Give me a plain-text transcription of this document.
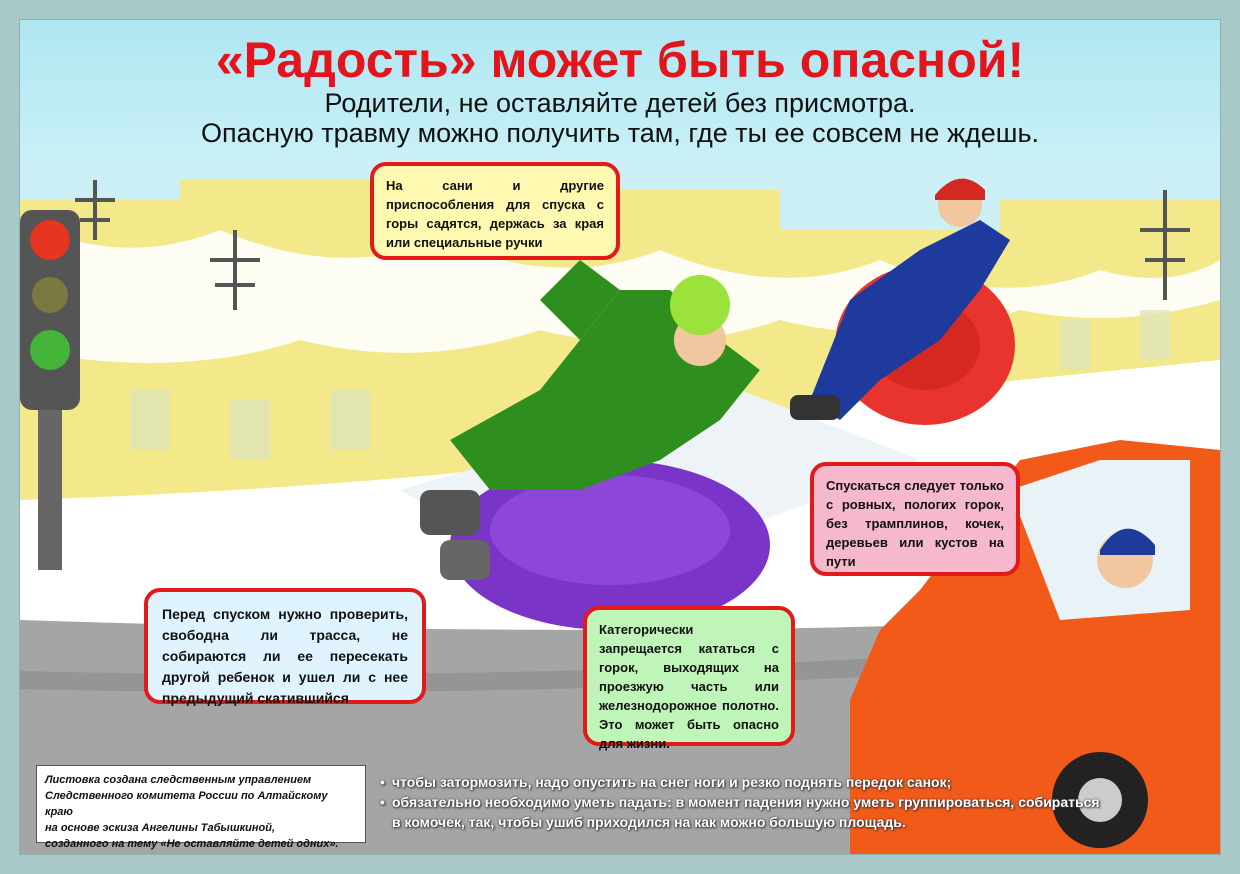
«Радость» может быть опасной!
Родители, не оставляйте детей без присмотра.
Опасную травму можно получить там, где ты ее совсем не ждешь.
На сани и другие приспособления для спуска с горы садятся, держась за края или специальные ручки
Спускаться следует только с ровных, пологих горок, без трамплинов, кочек, деревьев или кустов на пути
Перед спуском нужно проверить, свободна ли трасса, не собираются ли ее пересекать другой ребенок и ушел ли с нее предыдущий скатившийся
Категорически запрещается кататься с горок, выходящих на проезжую часть или железнодорожное полотно. Это может быть опасно для жизни.
Листовка создана следственным управлением
Следственного комитета России по Алтайскому краю
на основе эскиза Ангелины Табышкиной,
созданного на тему «Не оставляйте детей одних».
• чтобы затормозить, надо опустить на снег ноги и резко поднять передок санок;
• обязательно необходимо уметь падать: в момент падения нужно уметь группироваться, собираться в комочек, так, чтобы ушиб приходился на как можно большую площадь.
